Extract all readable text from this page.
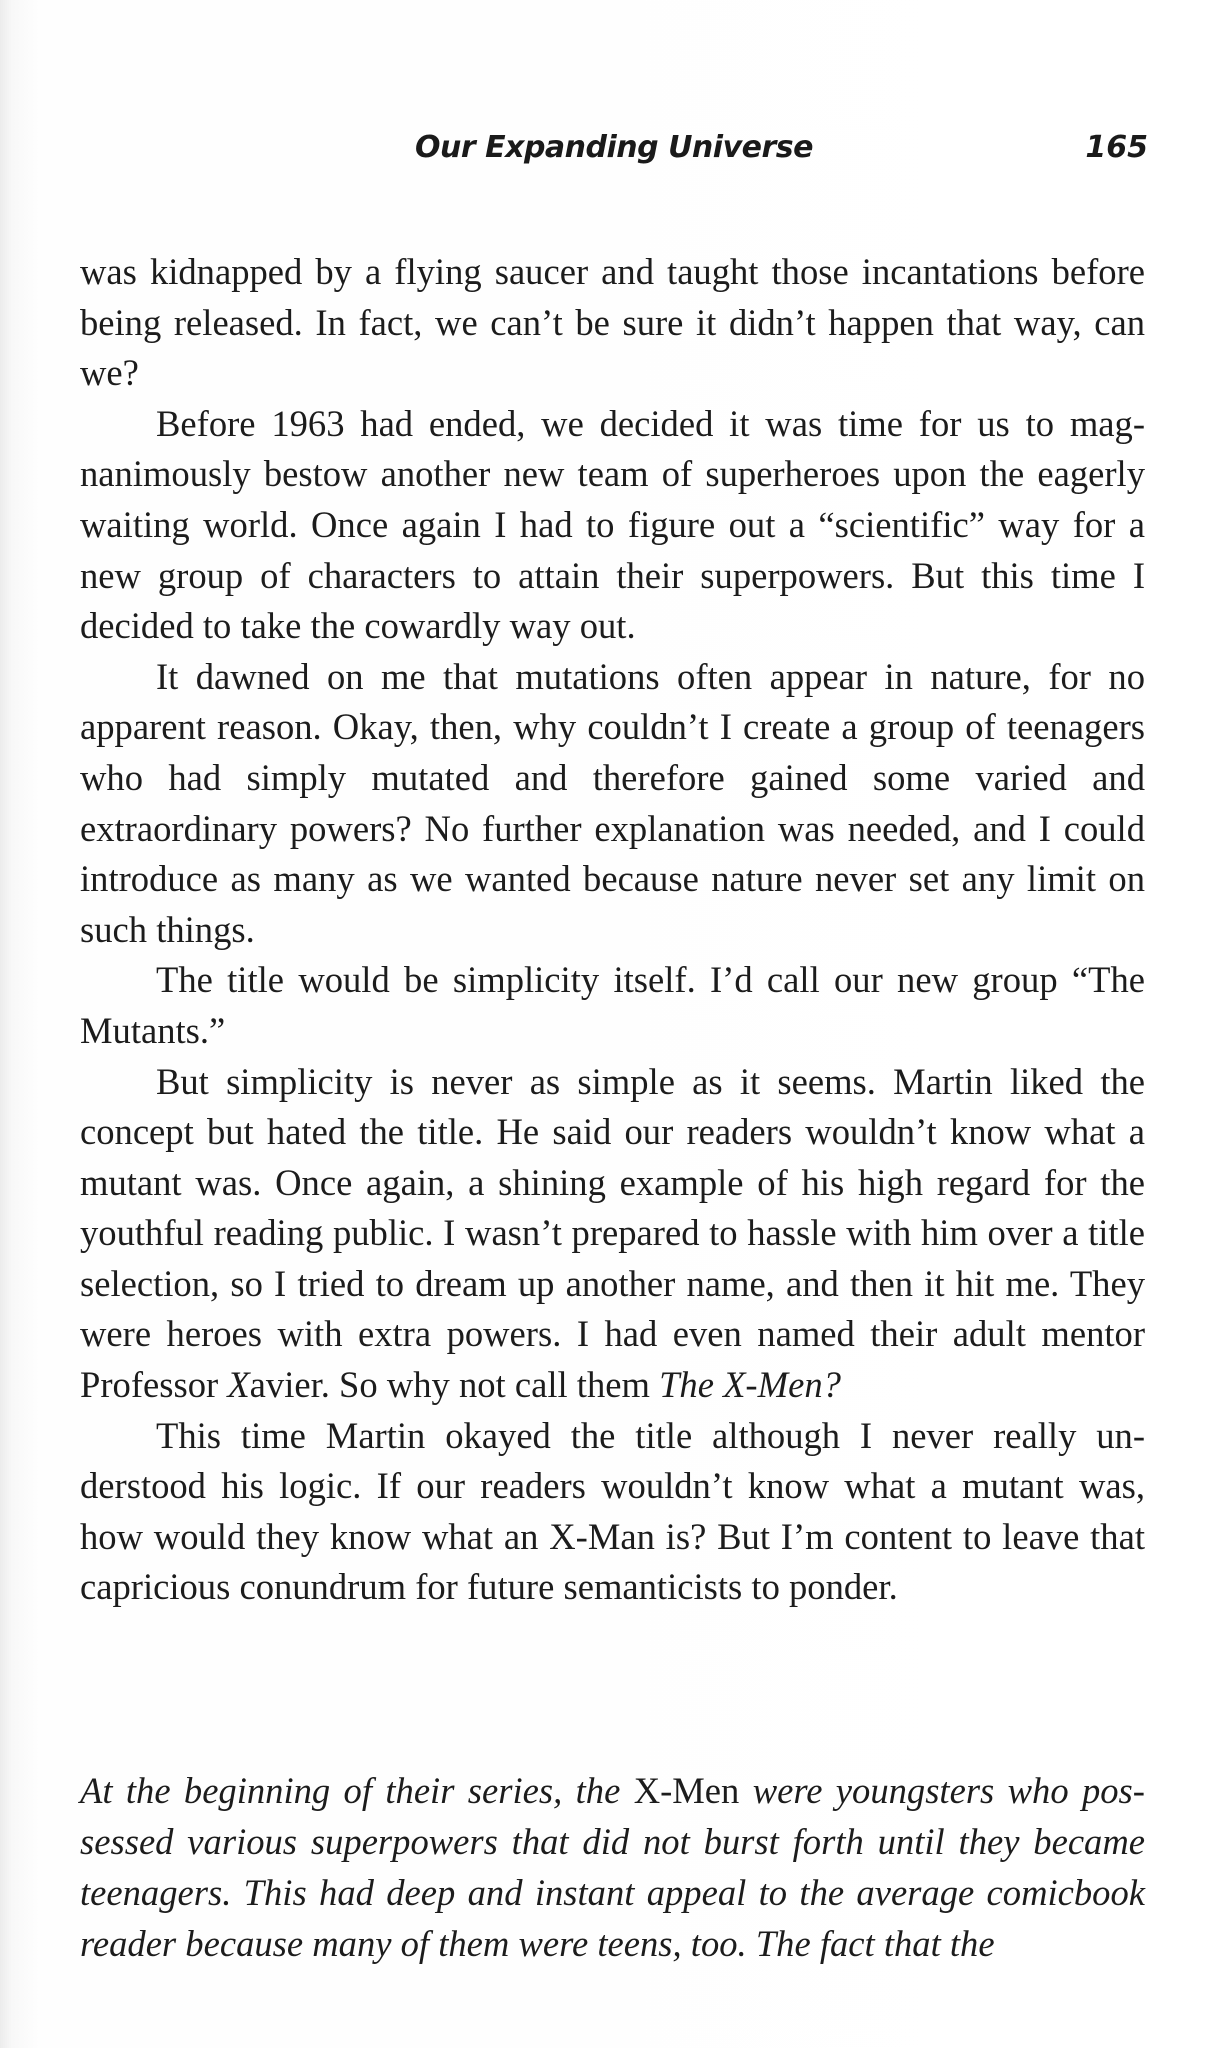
Our Expanding Universe	165

was kidnapped by a flying saucer and taught those incantations before being released. In fact, we can’t be sure it didn’t happen that way, can we?

Before 1963 had ended, we decided it was time for us to magnanimously bestow another new team of superheroes upon the eagerly waiting world. Once again I had to figure out a “scientific” way for a new group of characters to attain their superpowers. But this time I decided to take the cowardly way out.

It dawned on me that mutations often appear in nature, for no apparent reason. Okay, then, why couldn’t I create a group of teenagers who had simply mutated and therefore gained some varied and extraordinary powers? No further explanation was needed, and I could introduce as many as we wanted because nature never set any limit on such things.

The title would be simplicity itself. I’d call our new group “The Mutants.”

But simplicity is never as simple as it seems. Martin liked the concept but hated the title. He said our readers wouldn’t know what a mutant was. Once again, a shining example of his high regard for the youthful reading public. I wasn’t prepared to hassle with him over a title selection, so I tried to dream up another name, and then it hit me. They were heroes with extra powers. I had even named their adult mentor Professor Xavier. So why not call them The X-Men?

This time Martin okayed the title although I never really understood his logic. If our readers wouldn’t know what a mutant was, how would they know what an X-Man is? But I’m content to leave that capricious conundrum for future semanticists to ponder.

At the beginning of their series, the X-Men were youngsters who possessed various superpowers that did not burst forth until they became teenagers. This had deep and instant appeal to the average comicbook reader because many of them were teens, too. The fact that the
